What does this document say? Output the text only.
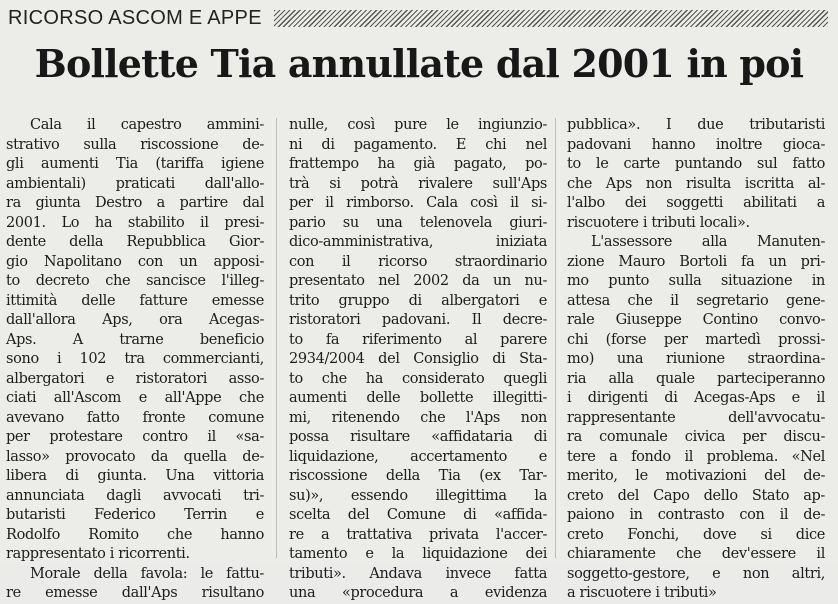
RICORSO ASCOM E APPE
Bollette Tia annullate dal 2001 in poi
Cala il capestro ammini-
strativo sulla riscossione de-
gli aumenti Tia (tariffa igiene
ambientali) praticati dall'allo-
ra giunta Destro a partire dal
2001. Lo ha stabilito il presi-
dente della Repubblica Gior-
gio Napolitano con un apposi-
to decreto che sancisce l'illeg-
ittimità delle fatture emesse
dall'allora Aps, ora Acegas-
Aps. A trarne beneficio
sono i 102 tra commercianti,
albergatori e ristoratori asso-
ciati all'Ascom e all'Appe che
avevano fatto fronte comune
per protestare contro il «sa-
lasso» provocato da quella de-
libera di giunta. Una vittoria
annunciata dagli avvocati tri-
butaristi Federico Terrin e
Rodolfo Romito che hanno
rappresentato i ricorrenti.
Morale della favola: le fattu-
re emesse dall'Aps risultano
nulle, così pure le ingiunzio-
ni di pagamento. E chi nel
frattempo ha già pagato, po-
trà si potrà rivalere sull'Aps
per il rimborso. Cala così il si-
pario su una telenovela giuri-
dico-amministrativa, iniziata
con il ricorso straordinario
presentato nel 2002 da un nu-
trito gruppo di albergatori e
ristoratori padovani. Il decre-
to fa riferimento al parere
2934/2004 del Consiglio di Sta-
to che ha considerato quegli
aumenti delle bollette illegitti-
mi, ritenendo che l'Aps non
possa risultare «affidataria di
liquidazione, accertamento e
riscossione della Tia (ex Tar-
su)», essendo illegittima la
scelta del Comune di «affida-
re a trattativa privata l'accer-
tamento e la liquidazione dei
tributi». Andava invece fatta
una «procedura a evidenza
pubblica». I due tributaristi
padovani hanno inoltre gioca-
to le carte puntando sul fatto
che Aps non risulta iscritta al-
l'albo dei soggetti abilitati a
riscuotere i tributi locali».
L'assessore alla Manuten-
zione Mauro Bortoli fa un pri-
mo punto sulla situazione in
attesa che il segretario gene-
rale Giuseppe Contino convo-
chi (forse per martedì prossi-
mo) una riunione straordina-
ria alla quale parteciperanno
i dirigenti di Acegas-Aps e il
rappresentante dell'avvocatu-
ra comunale civica per discu-
tere a fondo il problema. «Nel
merito, le motivazioni del de-
creto del Capo dello Stato ap-
paiono in contrasto con il de-
creto Fonchi, dove si dice
chiaramente che dev'essere il
soggetto-gestore, e non altri,
a riscuotere i tributi»
